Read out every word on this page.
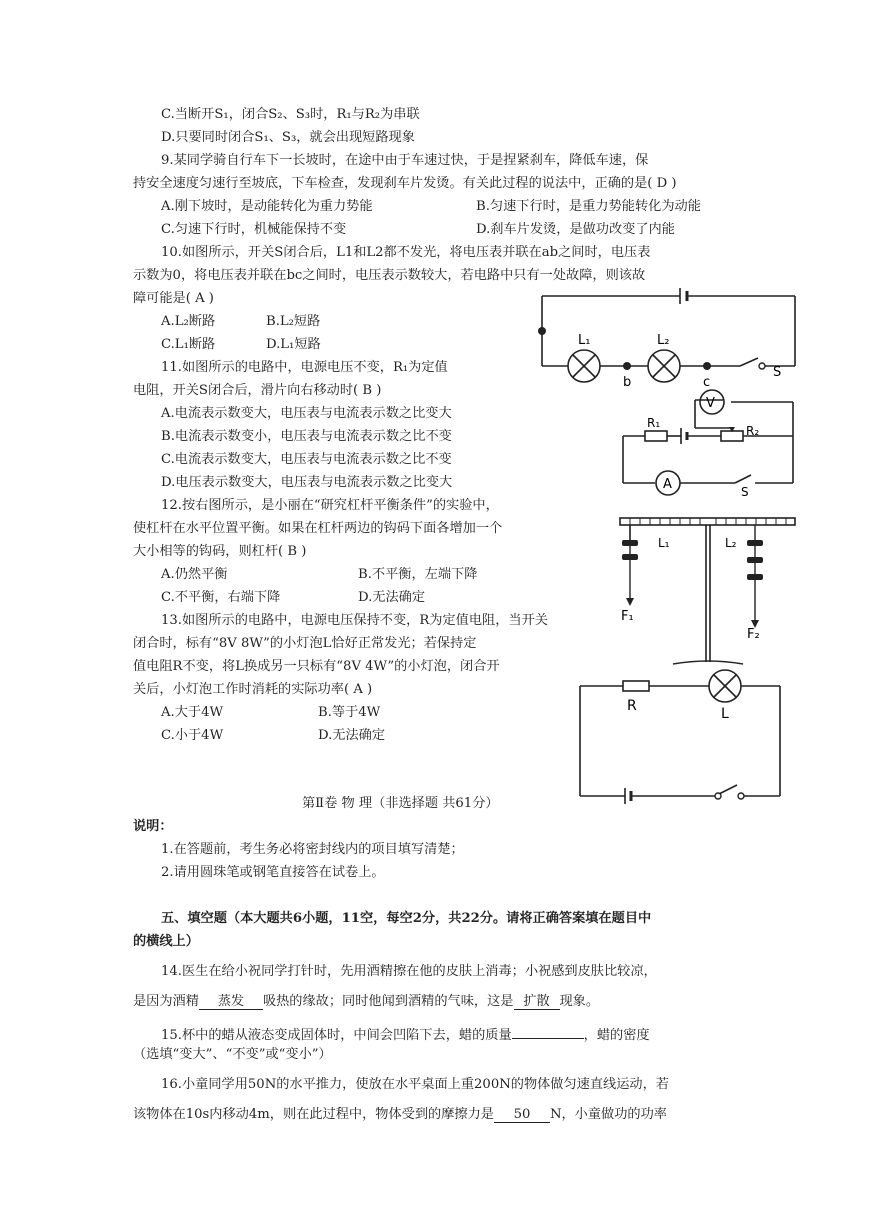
C.当断开S₁，闭合S₂、S₃时，R₁与R₂为串联
D.只要同时闭合S₁、S₃，就会出现短路现象
9.某同学骑自行车下一长坡时，在途中由于车速过快，于是捏紧刹车，降低车速，保
持安全速度匀速行至坡底，下车检查，发现刹车片发烫。有关此过程的说法中，正确的是( D )
A.刚下坡时，是动能转化为重力势能	B.匀速下行时，是重力势能转化为动能
C.匀速下行时，机械能保持不变	D.刹车片发烫，是做功改变了内能
10.如图所示，开关S闭合后，L1和L2都不发光，将电压表并联在ab之间时，电压表
示数为0，将电压表并联在bc之间时，电压表示数较大，若电路中只有一处故障，则该故
障可能是( A )
A.L₂断路	B.L₂短路
C.L₁断路	D.L₁短路
11.如图所示的电路中，电源电压不变，R₁为定值
电阻，开关S闭合后，滑片向右移动时( B )
A.电流表示数变大，电压表与电流表示数之比变大
B.电流表示数变小，电压表与电流表示数之比不变
C.电流表示数变大，电压表与电流表示数之比不变
D.电压表示数变大，电压表与电流表示数之比变大
12.按右图所示，是小丽在“研究杠杆平衡条件”的实验中，
使杠杆在水平位置平衡。如果在杠杆两边的钩码下面各增加一个
大小相等的钩码，则杠杆( B )
A.仍然平衡	B.不平衡，左端下降
C.不平衡，右端下降	D.无法确定
13.如图所示的电路中，电源电压保持不变，R为定值电阻，当开关
闭合时，标有“8V 8W”的小灯泡L恰好正常发光；若保持定
值电阻R不变，将L换成另一只标有“8V 4W”的小灯泡，闭合开
关后，小灯泡工作时消耗的实际功率( A )
A.大于4W	B.等于4W
C.小于4W	D.无法确定
第Ⅱ卷 物 理（非选择题 共61分）
说明：
1.在答题前，考生务必将密封线内的项目填写清楚；
2.请用圆珠笔或钢笔直接答在试卷上。
五、填空题（本大题共6小题，11空，每空2分，共22分。请将正确答案填在题目中
的横线上）
14.医生在给小祝同学打针时，先用酒精擦在他的皮肤上消毒；小祝感到皮肤比较凉，
是因为酒精 蒸发 吸热的缘故；同时他闻到酒精的气味，这是 扩散 现象。
15.杯中的蜡从液态变成固体时，中间会凹陷下去，蜡的质量	，蜡的密度
（选填“变大”、“不变”或“变小”）
16.小童同学用50N的水平推力，使放在水平桌面上重200N的物体做匀速直线运动，若
该物体在10s内移动4m，则在此过程中，物体受到的摩擦力是 50 N，小童做功的功率
L₁	L₂
b	c
S
V
R₁
R₂
A	S
L₁	L₂
F₁
F₂
R	L
